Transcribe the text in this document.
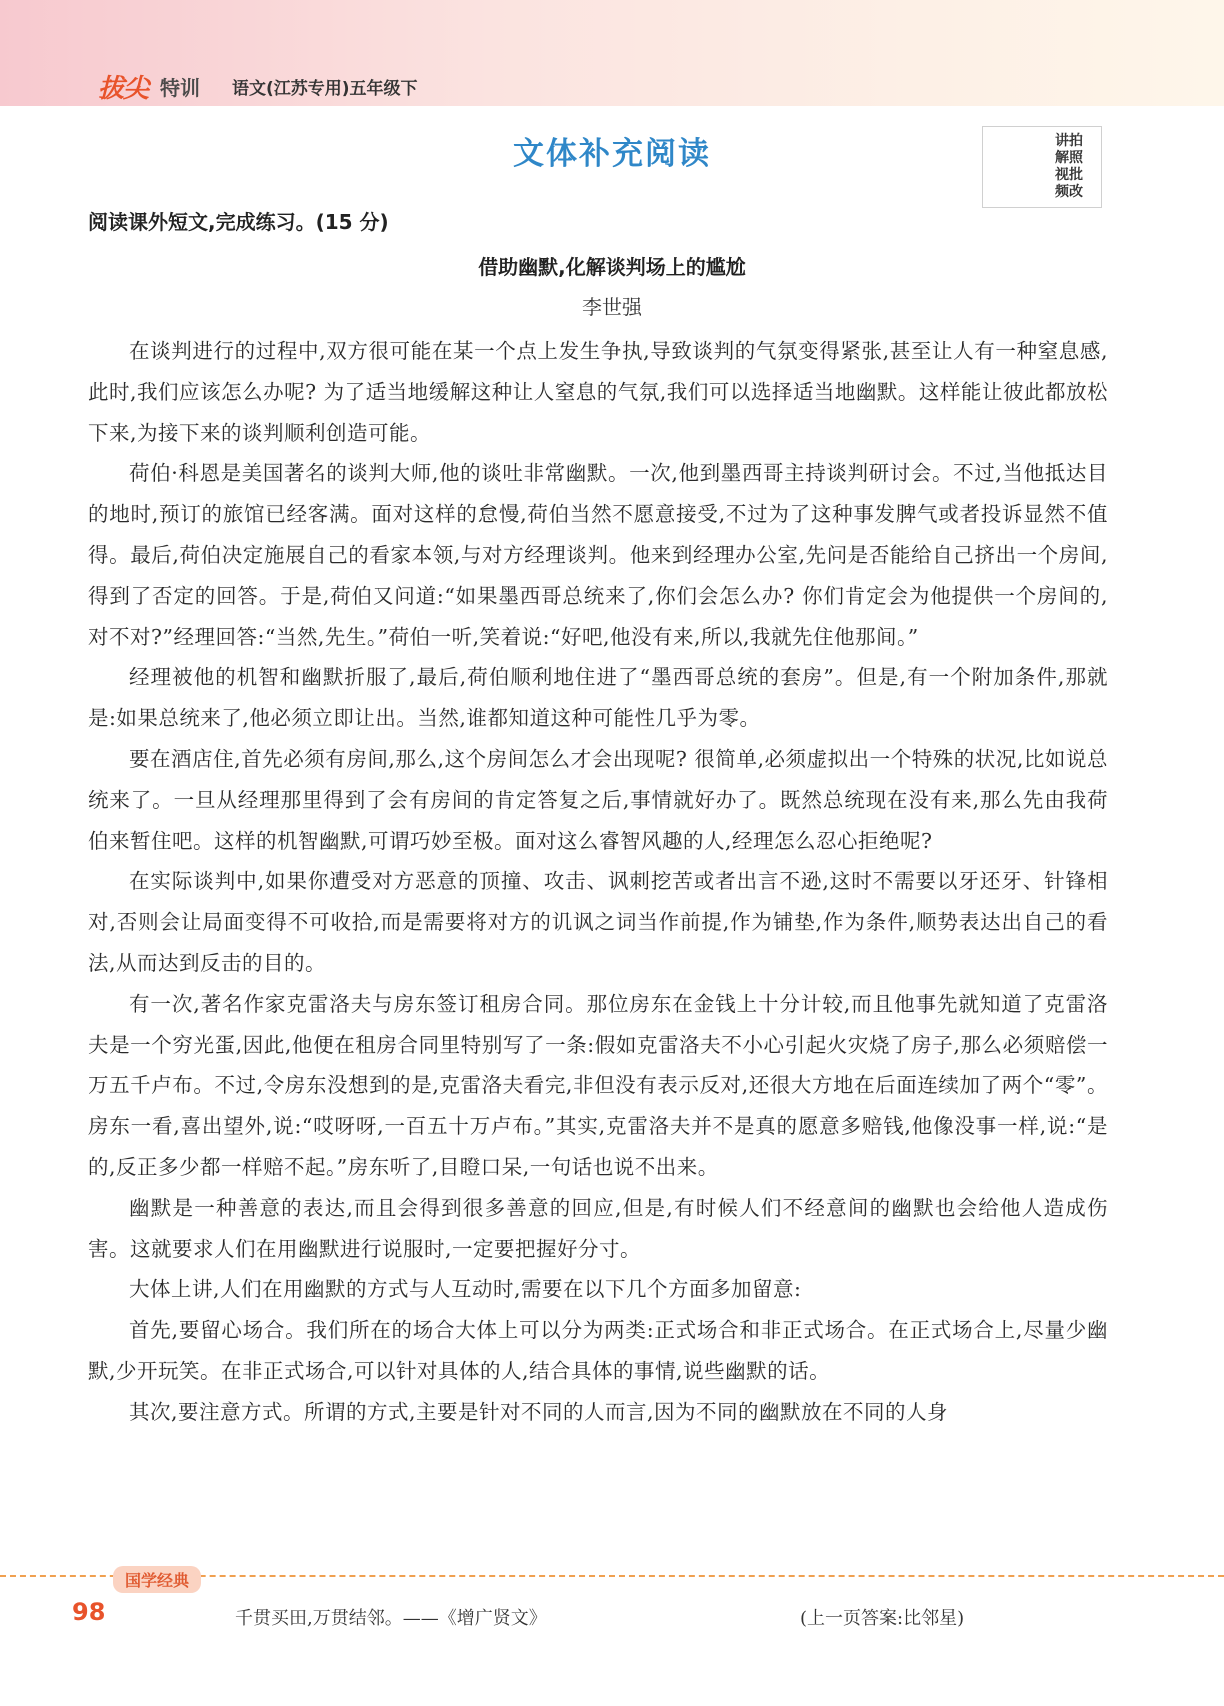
拔尖 特训 语文(江苏专用)五年级下
文体补充阅读	讲拍解照视批频改
阅读课外短文,完成练习。(15 分)
借助幽默,化解谈判场上的尴尬
李世强

在谈判进行的过程中,双方很可能在某一个点上发生争执,导致谈判的气氛变得紧张,甚至让人有一种窒息感,此时,我们应该怎么办呢? 为了适当地缓解这种让人窒息的气氛,我们可以选择适当地幽默。这样能让彼此都放松下来,为接下来的谈判顺利创造可能。

荷伯·科恩是美国著名的谈判大师,他的谈吐非常幽默。一次,他到墨西哥主持谈判研讨会。不过,当他抵达目的地时,预订的旅馆已经客满。面对这样的怠慢,荷伯当然不愿意接受,不过为了这种事发脾气或者投诉显然不值得。最后,荷伯决定施展自己的看家本领,与对方经理谈判。他来到经理办公室,先问是否能给自己挤出一个房间,得到了否定的回答。于是,荷伯又问道:“如果墨西哥总统来了,你们会怎么办? 你们肯定会为他提供一个房间的,对不对?”经理回答:“当然,先生。”荷伯一听,笑着说:“好吧,他没有来,所以,我就先住他那间。”

经理被他的机智和幽默折服了,最后,荷伯顺利地住进了“墨西哥总统的套房”。但是,有一个附加条件,那就是:如果总统来了,他必须立即让出。当然,谁都知道这种可能性几乎为零。

要在酒店住,首先必须有房间,那么,这个房间怎么才会出现呢? 很简单,必须虚拟出一个特殊的状况,比如说总统来了。一旦从经理那里得到了会有房间的肯定答复之后,事情就好办了。既然总统现在没有来,那么先由我荷伯来暂住吧。这样的机智幽默,可谓巧妙至极。面对这么睿智风趣的人,经理怎么忍心拒绝呢?

在实际谈判中,如果你遭受对方恶意的顶撞、攻击、讽刺挖苦或者出言不逊,这时不需要以牙还牙、针锋相对,否则会让局面变得不可收拾,而是需要将对方的讥讽之词当作前提,作为铺垫,作为条件,顺势表达出自己的看法,从而达到反击的目的。

有一次,著名作家克雷洛夫与房东签订租房合同。那位房东在金钱上十分计较,而且他事先就知道了克雷洛夫是一个穷光蛋,因此,他便在租房合同里特别写了一条:假如克雷洛夫不小心引起火灾烧了房子,那么必须赔偿一万五千卢布。不过,令房东没想到的是,克雷洛夫看完,非但没有表示反对,还很大方地在后面连续加了两个“零”。房东一看,喜出望外,说:“哎呀呀,一百五十万卢布。”其实,克雷洛夫并不是真的愿意多赔钱,他像没事一样,说:“是的,反正多少都一样赔不起。”房东听了,目瞪口呆,一句话也说不出来。

幽默是一种善意的表达,而且会得到很多善意的回应,但是,有时候人们不经意间的幽默也会给他人造成伤害。这就要求人们在用幽默进行说服时,一定要把握好分寸。

大体上讲,人们在用幽默的方式与人互动时,需要在以下几个方面多加留意:

首先,要留心场合。我们所在的场合大体上可以分为两类:正式场合和非正式场合。在正式场合上,尽量少幽默,少开玩笑。在非正式场合,可以针对具体的人,结合具体的事情,说些幽默的话。

其次,要注意方式。所谓的方式,主要是针对不同的人而言,因为不同的幽默放在不同的人身

国学经典
98	千贯买田,万贯结邻。——《增广贤文》	(上一页答案:比邻星)
